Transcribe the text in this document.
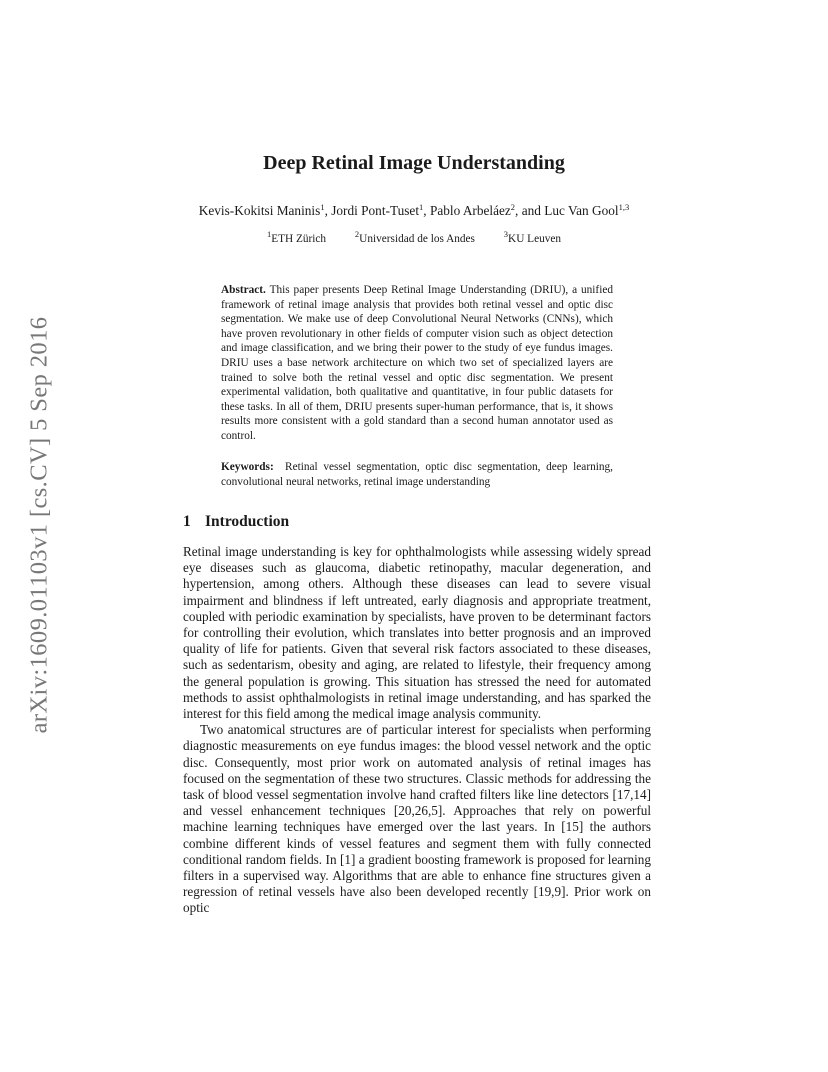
arXiv:1609.01103v1 [cs.CV] 5 Sep 2016
Deep Retinal Image Understanding
Kevis-Kokitsi Maninis$^1$, Jordi Pont-Tuset$^1$, Pablo Arbeláez$^2$, and Luc Van Gool$^{1,3}$
$^1$ETH Zürich	$^2$Universidad de los Andes	$^3$KU Leuven

Abstract. This paper presents Deep Retinal Image Understanding (DRIU), a unified framework of retinal image analysis that provides both retinal vessel and optic disc segmentation. We make use of deep Convolutional Neural Networks (CNNs), which have proven revolutionary in other fields of computer vision such as object detection and image classification, and we bring their power to the study of eye fundus images. DRIU uses a base network architecture on which two set of specialized layers are trained to solve both the retinal vessel and optic disc segmentation. We present experimental validation, both qualitative and quantitative, in four public datasets for these tasks. In all of them, DRIU presents super-human performance, that is, it shows results more consistent with a gold standard than a second human annotator used as control.

Keywords: Retinal vessel segmentation, optic disc segmentation, deep learning, convolutional neural networks, retinal image understanding

1 Introduction

Retinal image understanding is key for ophthalmologists while assessing widely spread eye diseases such as glaucoma, diabetic retinopathy, macular degeneration, and hypertension, among others. Although these diseases can lead to severe visual impairment and blindness if left untreated, early diagnosis and appropriate treatment, coupled with periodic examination by specialists, have proven to be determinant factors for controlling their evolution, which translates into better prognosis and an improved quality of life for patients. Given that several risk factors associated to these diseases, such as sedentarism, obesity and aging, are related to lifestyle, their frequency among the general population is growing. This situation has stressed the need for automated methods to assist ophthalmologists in retinal image understanding, and has sparked the interest for this field among the medical image analysis community.

Two anatomical structures are of particular interest for specialists when performing diagnostic measurements on eye fundus images: the blood vessel network and the optic disc. Consequently, most prior work on automated analysis of retinal images has focused on the segmentation of these two structures. Classic methods for addressing the task of blood vessel segmentation involve hand crafted filters like line detectors [17,14] and vessel enhancement techniques [20,26,5]. Approaches that rely on powerful machine learning techniques have emerged over the last years. In [15] the authors combine different kinds of vessel features and segment them with fully connected conditional random fields. In [1] a gradient boosting framework is proposed for learning filters in a supervised way. Algorithms that are able to enhance fine structures given a regression of retinal vessels have also been developed recently [19,9]. Prior work on optic
